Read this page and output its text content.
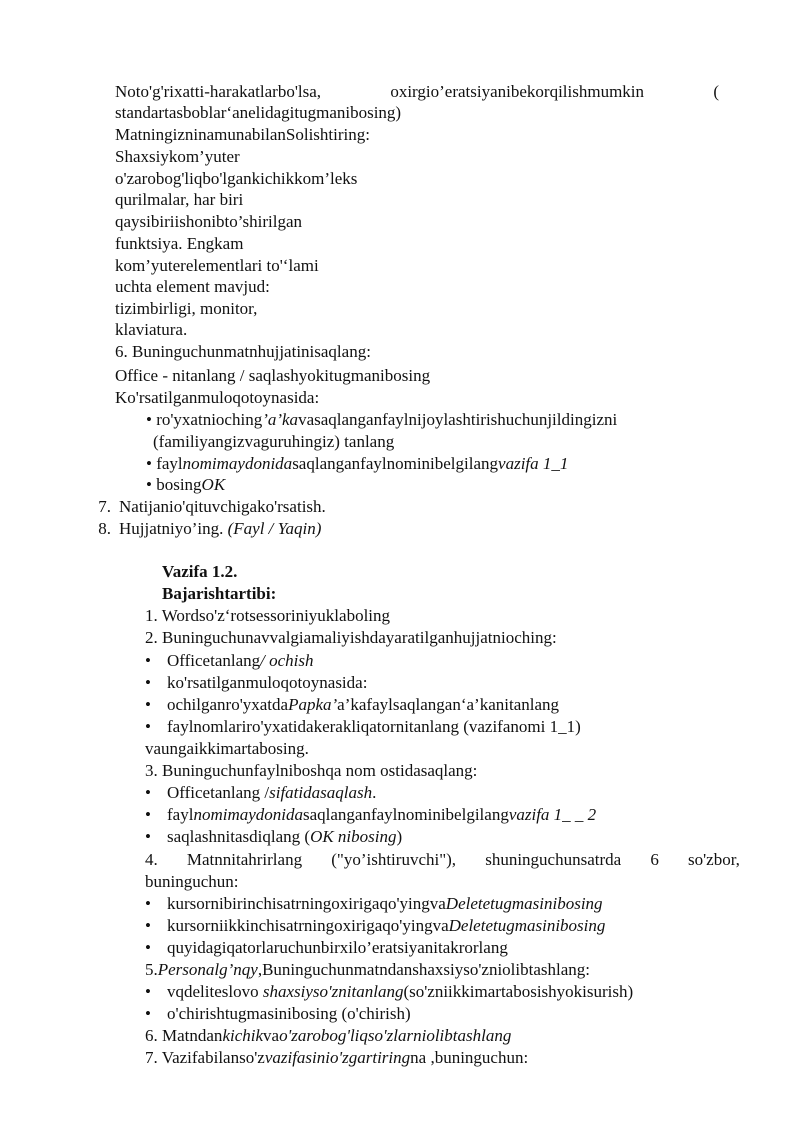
Noto'g'rixatti-harakatlarbo'lsa,	oxirgio’eratsiyanibekorqilishmumkin	(
standartasboblar‘anelidagitugmanibosing)
MatningizninamunabilanSolishtiring:
Shaxsiykom’yuter
o'zarobog'liqbo'lgankichikkom’leks
qurilmalar, har biri
qaysibiriishonibto’shirilgan
funktsiya. Engkam
kom’yuterelementlari to'‘lami
uchta element mavjud:
tizimbirligi, monitor,
klaviatura.
6. Buninguchunmatnhujjatinisaqlang:
Office - nitanlang / saqlashyokitugmanibosing
Ko'rsatilganmuloqotoynasida:
• ro'yxatnioching’a’kavasaqlanganfaylnijoylashtirishuchunjildingizni
(familiyangizvaguruhingiz) tanlang
• faylnomimaydonidasaqlanganfaylnominibelgilangvazifa 1_1
• bosingOK
7. Natijanio'qituvchigako'rsatish.
8. Hujjatniyo’ing. (Fayl / Yaqin)
Vazifa 1.2.
Bajarishtartibi:
1. Wordso'z‘rotsessoriniyuklaboling
2. Buninguchunavvalgiamaliyishdayaratilganhujjatnioching:
• Officetanlang/ ochish
• ko'rsatilganmuloqotoynasida:
• ochilganro'yxatdaPapka’a’kafaylsaqlangan‘a’kanitanlang
• faylnomlariro'yxatidakerakliqatornitanlang (vazifanomi 1_1)
vaungaikkimartabosing.
3. Buninguchunfaylniboshqa nom ostidasaqlang:
• Officetanlang /sifatidasaqlash.
• faylnomimaydonidasaqlanganfaylnominibelgilangvazifa 1_ _ 2
• saqlashnitasdiqlang (OK nibosing)
4. Matnnitahrirlang ("yo’ishtiruvchi"), shuninguchunsatrda 6 so'zbor,
buninguchun:
• kursornibirinchisatrningoxirigaqo'yingvaDeletetugmasinibosing
• kursorniikkinchisatrningoxirigaqo'yingvaDeletetugmasinibosing
• quyidagiqatorlaruchunbirxilo’eratsiyanitakrorlang
5.Personalg’nqy,Buninguchunmatndanshaxsiyso'zniolibtashlang:
• vqdeliteslovo shaxsiyso'znitanlang(so'zniikkimartabosishyokisurish)
• o'chirishtugmasinibosing (o'chirish)
6. Matndankichikvao'zarobog'liqso'zlarniolibtashlang
7. Vazifabilanso'zvazifasinio'zgartiringna ,buninguchun:
